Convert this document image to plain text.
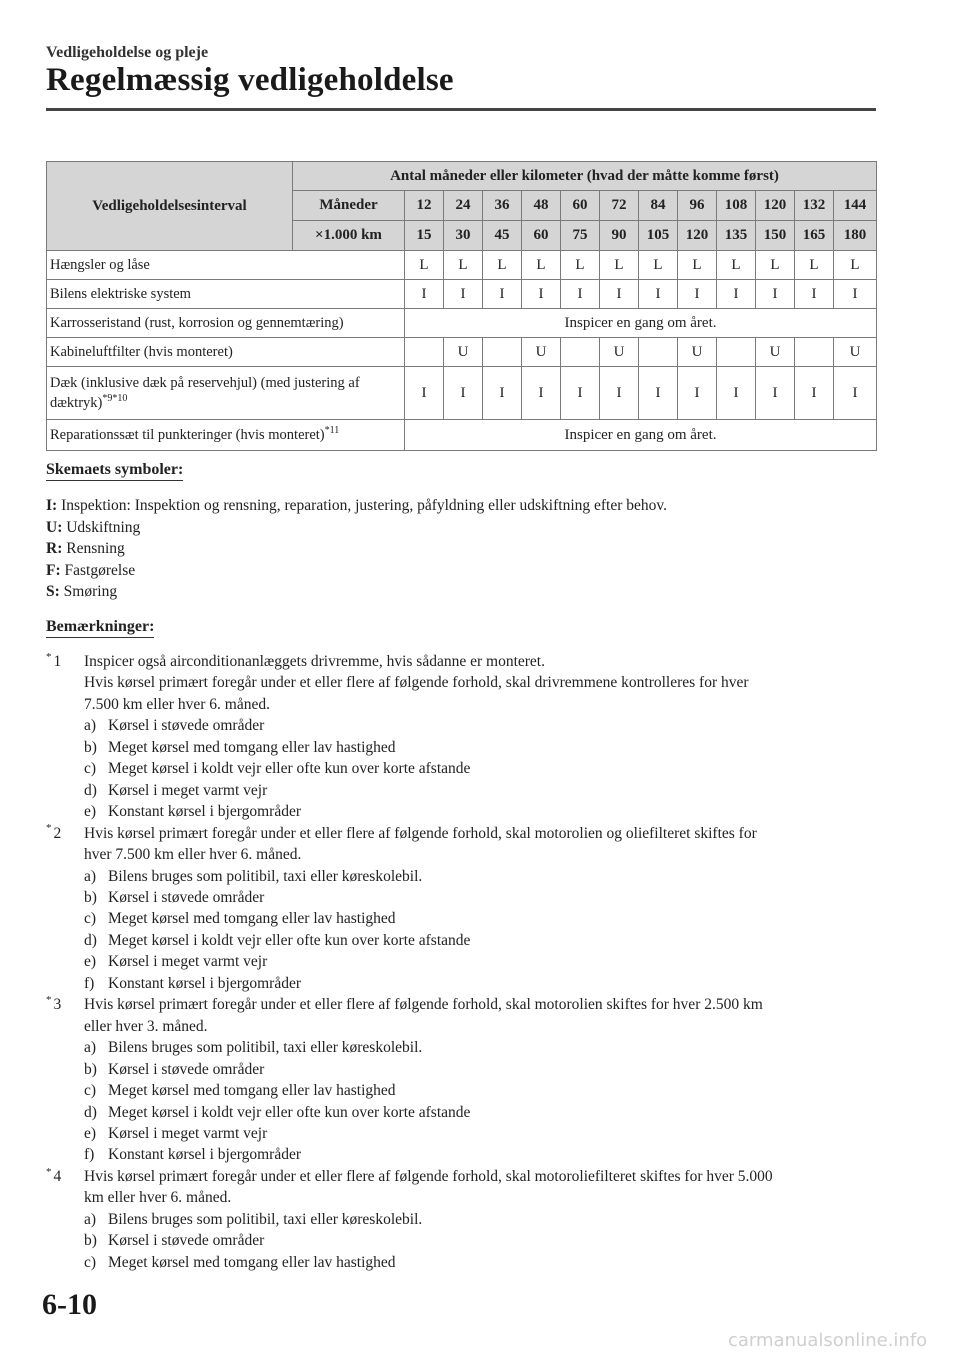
Vedligeholdelse og pleje
Regelmæssig vedligeholdelse
Vedligeholdelsesinterval	Antal måneder eller kilometer (hvad der måtte komme først)												
	Måneder	12	24	36	48	60	72	84	96	108	120	132	144
	×1.000 km	15	30	45	60	75	90	105	120	135	150	165	180
Hængsler og låse		L	L	L	L	L	L	L	L	L	L	L	L
Bilens elektriske system		I	I	I	I	I	I	I	I	I	I	I	I
Karrosseristand (rust, korrosion og gennemtæring)		Inspicer en gang om året.											
Kabineluftfilter (hvis monteret)			U		U		U		U		U		U
Dæk (inklusive dæk på reservehjul) (med justering af dæktryk)$^{*9*10}$		I	I	I	I	I	I	I	I	I	I	I	I
Reparationssæt til punkteringer (hvis monteret)$^{*11}$		Inspicer en gang om året.											
Skemaets symboler:
I: Inspektion: Inspektion og rensning, reparation, justering, påfyldning eller udskiftning efter behov.
U: Udskiftning
R: Rensning
F: Fastgørelse
S: Smøring
Bemærkninger:
* 1 Inspicer også airconditionanlæggets drivremme, hvis sådanne er monteret.
Hvis kørsel primært foregår under et eller flere af følgende forhold, skal drivremmene kontrolleres for hver
7.500 km eller hver 6. måned.
a) Kørsel i støvede områder
b) Meget kørsel med tomgang eller lav hastighed
c) Meget kørsel i koldt vejr eller ofte kun over korte afstande
d) Kørsel i meget varmt vejr
e) Konstant kørsel i bjergområder
* 2 Hvis kørsel primært foregår under et eller flere af følgende forhold, skal motorolien og oliefilteret skiftes for
hver 7.500 km eller hver 6. måned.
a) Bilens bruges som politibil, taxi eller køreskolebil.
b) Kørsel i støvede områder
c) Meget kørsel med tomgang eller lav hastighed
d) Meget kørsel i koldt vejr eller ofte kun over korte afstande
e) Kørsel i meget varmt vejr
f) Konstant kørsel i bjergområder
* 3 Hvis kørsel primært foregår under et eller flere af følgende forhold, skal motorolien skiftes for hver 2.500 km
eller hver 3. måned.
a) Bilens bruges som politibil, taxi eller køreskolebil.
b) Kørsel i støvede områder
c) Meget kørsel med tomgang eller lav hastighed
d) Meget kørsel i koldt vejr eller ofte kun over korte afstande
e) Kørsel i meget varmt vejr
f) Konstant kørsel i bjergområder
* 4 Hvis kørsel primært foregår under et eller flere af følgende forhold, skal motoroliefilteret skiftes for hver 5.000
km eller hver 6. måned.
a) Bilens bruges som politibil, taxi eller køreskolebil.
b) Kørsel i støvede områder
c) Meget kørsel med tomgang eller lav hastighed
6-10
carmanualsonline.info
